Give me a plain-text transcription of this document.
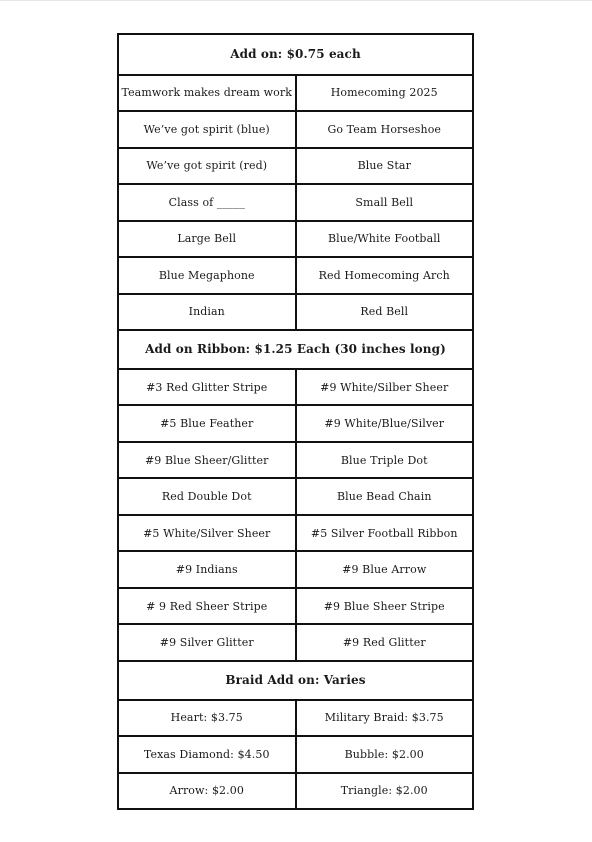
Add on: $0.75 each
Teamwork makes dream work	Homecoming 2025
We’ve got spirit (blue)	Go Team Horseshoe
We’ve got spirit (red)	Blue Star
Class of _____	Small Bell
Large Bell	Blue/White Football
Blue Megaphone	Red Homecoming Arch
Indian	Red Bell
Add on Ribbon: $1.25 Each (30 inches long)
#3 Red Glitter Stripe	#9 White/Silber Sheer
#5 Blue Feather	#9 White/Blue/Silver
#9 Blue Sheer/Glitter	Blue Triple Dot
Red Double Dot	Blue Bead Chain
#5 White/Silver Sheer	#5 Silver Football Ribbon
#9 Indians	#9 Blue Arrow
# 9 Red Sheer Stripe	#9 Blue Sheer Stripe
#9 Silver Glitter	#9 Red Glitter
Braid Add on: Varies
Heart: $3.75	Military Braid: $3.75
Texas Diamond: $4.50	Bubble: $2.00
Arrow: $2.00	Triangle: $2.00
